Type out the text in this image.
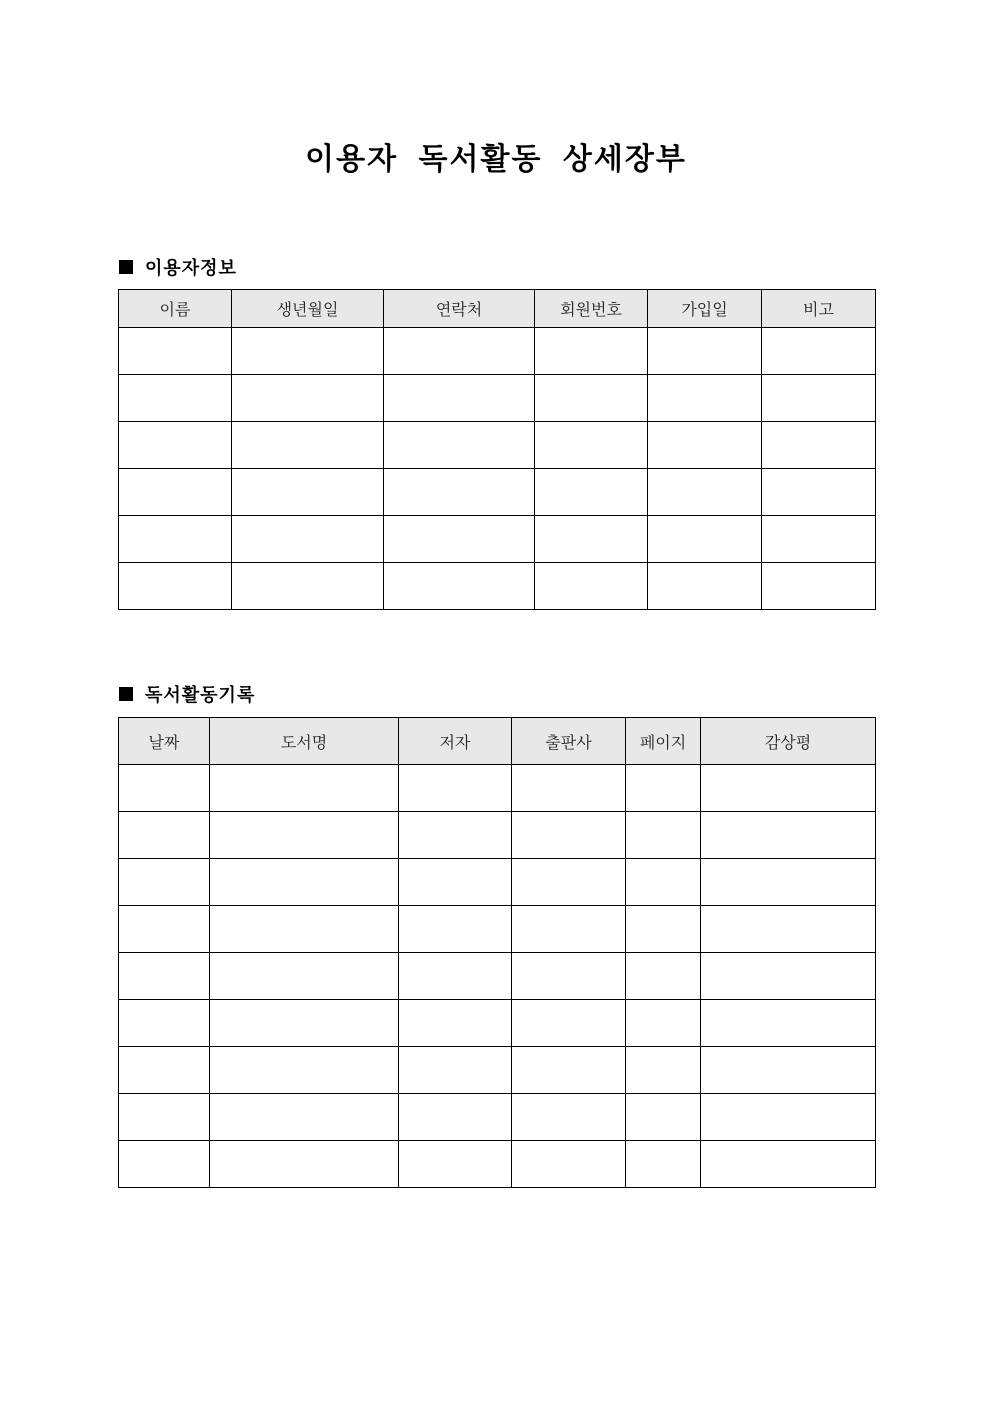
이용자 독서활동 상세장부
이용자정보
이름	생년월일	연락처	회원번호	가입일	비고

독서활동기록
날짜	도서명	저자	출판사	페이지	감상평
